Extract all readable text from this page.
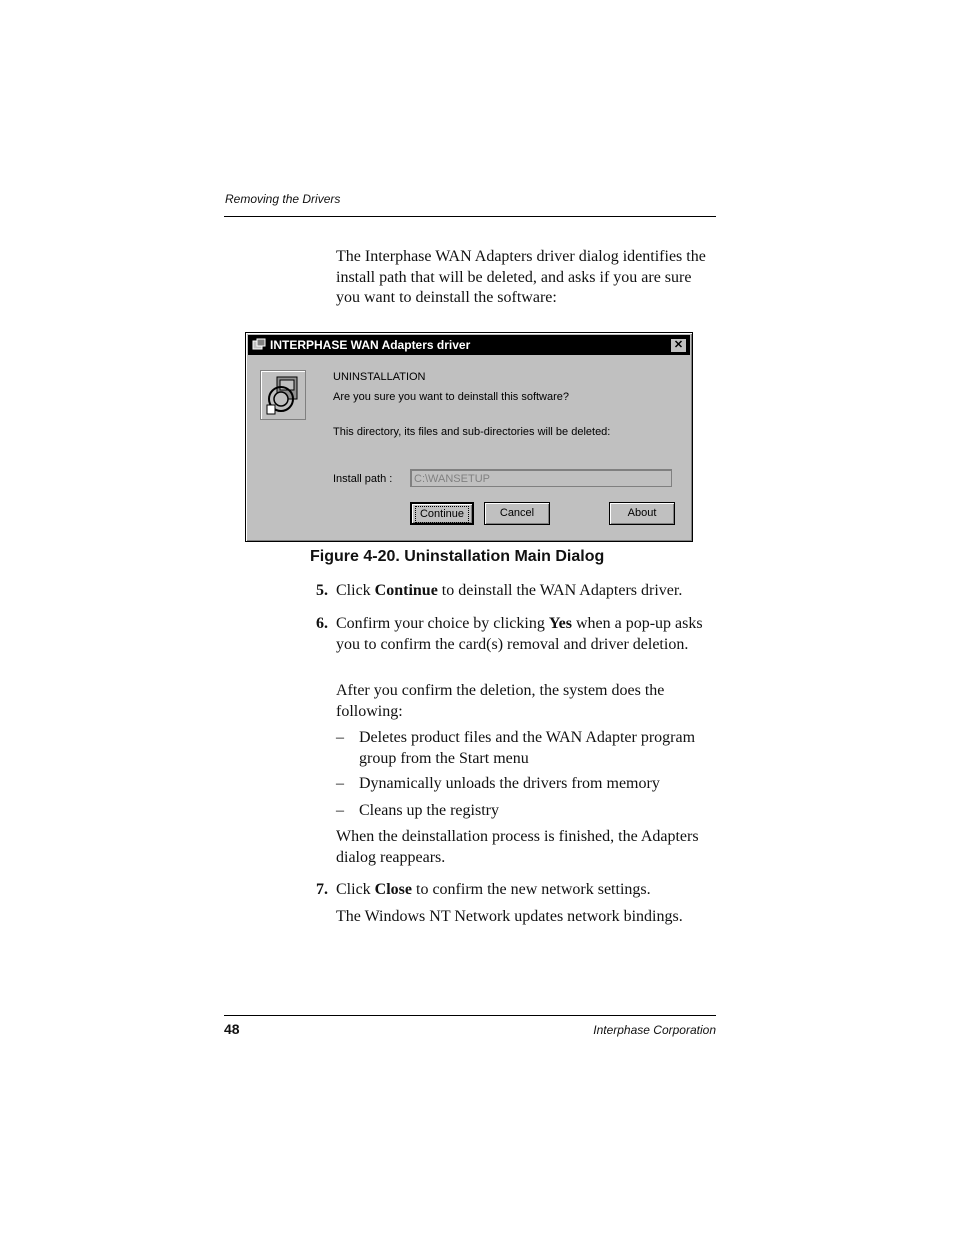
Removing the Drivers
The Interphase WAN Adapters driver dialog identifies the install path that will be deleted, and asks if you are sure you want to deinstall the software:
INTERPHASE WAN Adapters driver	✕
UNINSTALLATION
Are you sure you want to deinstall this software?
This directory, its files and sub-directories will be deleted:
Install path :	C:\WANSETUP
Continue	Cancel	About
Figure 4-20. Uninstallation Main Dialog
5. Click Continue to deinstall the WAN Adapters driver.
6. Confirm your choice by clicking Yes when a pop-up asks you to confirm the card(s) removal and driver deletion.
After you confirm the deletion, the system does the following:
– Deletes product files and the WAN Adapter program group from the Start menu
– Dynamically unloads the drivers from memory
– Cleans up the registry
When the deinstallation process is finished, the Adapters dialog reappears.
7. Click Close to confirm the new network settings.
The Windows NT Network updates network bindings.
48	Interphase Corporation
